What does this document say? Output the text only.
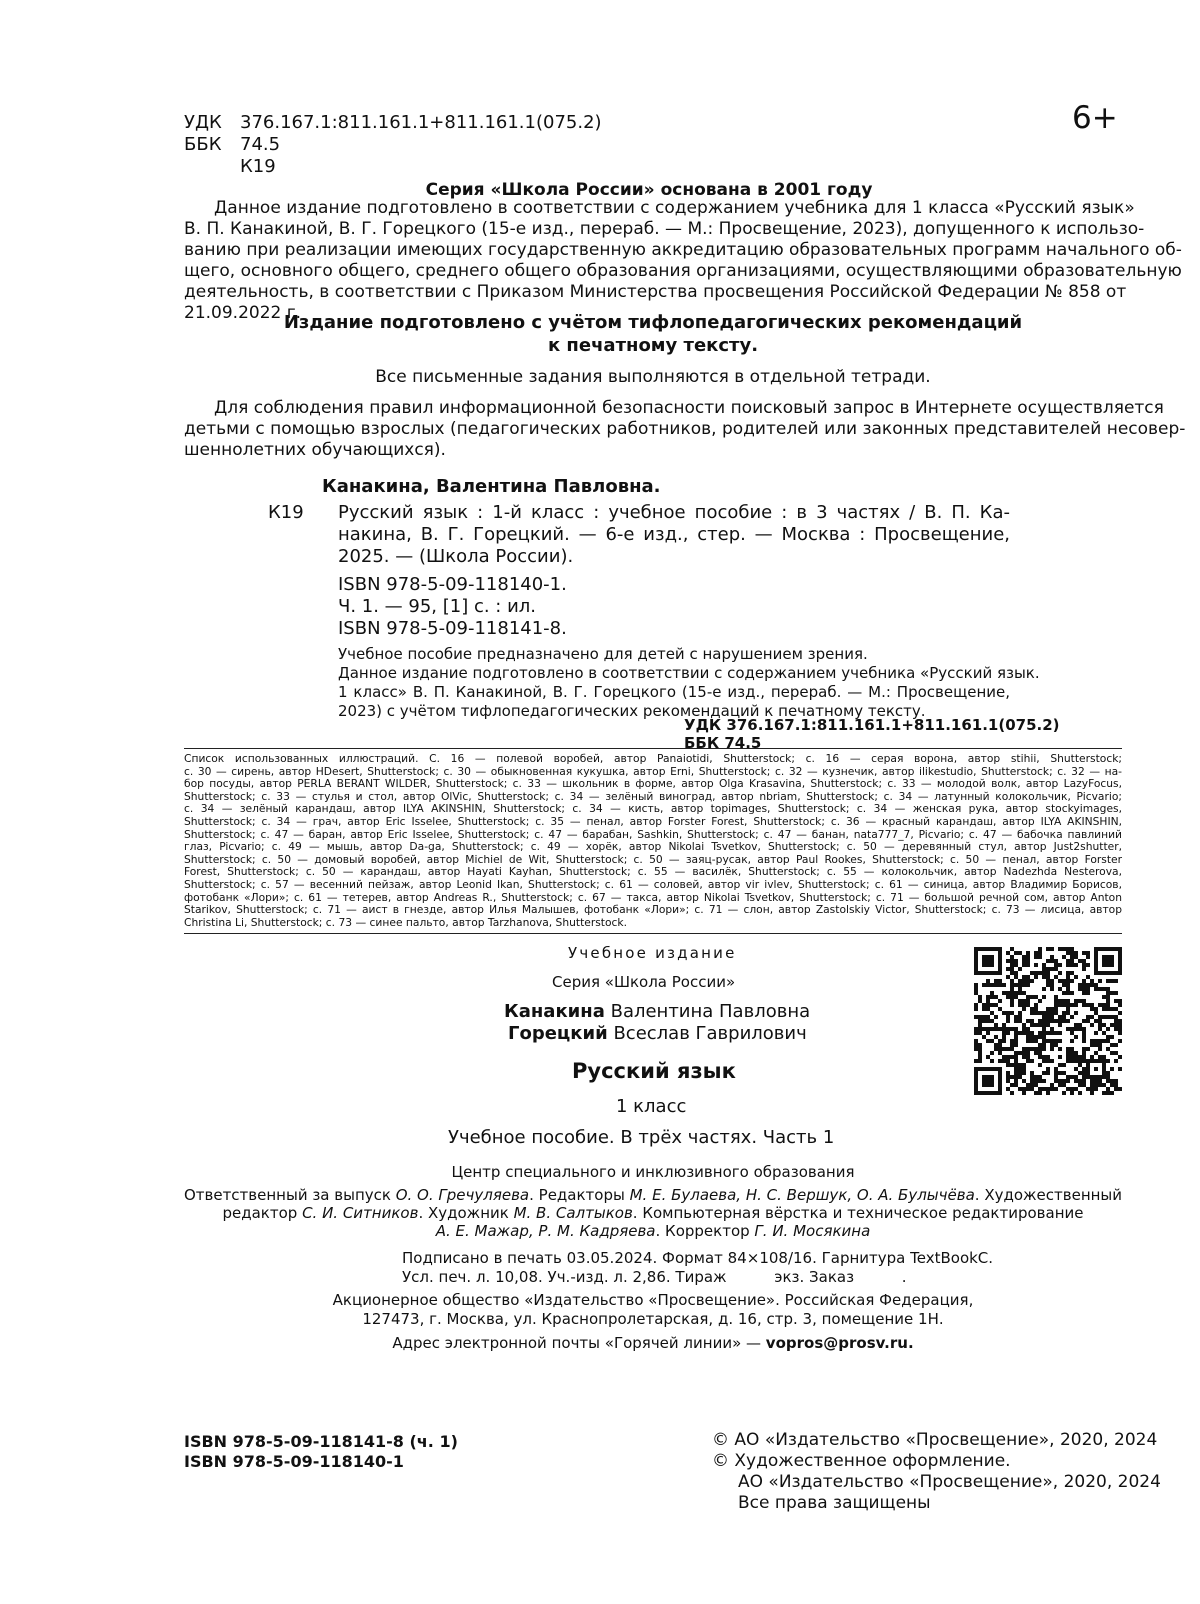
УДК 376.167.1:811.161.1+811.161.1(075.2)
ББК 74.5
К19
6+
Серия «Школа России» основана в 2001 году
Данное издание подготовлено в соответствии с содержанием учебника для 1 класса «Русский язык»
В. П. Канакиной, В. Г. Горецкого (15-е изд., перераб. — М.: Просвещение, 2023), допущенного к использо-
ванию при реализации имеющих государственную аккредитацию образовательных программ начального об-
щего, основного общего, среднего общего образования организациями, осуществляющими образовательную
деятельность, в соответствии с Приказом Министерства просвещения Российской Федерации № 858 от
21.09.2022 г.
Издание подготовлено с учётом тифлопедагогических рекомендаций
к печатному тексту.
Все письменные задания выполняются в отдельной тетради.
Для соблюдения правил информационной безопасности поисковый запрос в Интернете осуществляется
детьми с помощью взрослых (педагогических работников, родителей или законных представителей несовер-
шеннолетних обучающихся).
Канакина, Валентина Павловна.
К19 Русский язык : 1-й класс : учебное пособие : в 3 частях / В. П. Ка-
накина, В. Г. Горецкий. — 6-е изд., стер. — Москва : Просвещение,
2025. — (Школа России).
ISBN 978-5-09-118140-1.
Ч. 1. — 95, [1] с. : ил.
ISBN 978-5-09-118141-8.
Учебное пособие предназначено для детей с нарушением зрения.
Данное издание подготовлено в соответствии с содержанием учебника «Русский язык.
1 класс» В. П. Канакиной, В. Г. Горецкого (15-е изд., перераб. — М.: Просвещение,
2023) с учётом тифлопедагогических рекомендаций к печатному тексту.
УДК 376.167.1:811.161.1+811.161.1(075.2)
ББК 74.5
Список использованных иллюстраций. С. 16 — полевой воробей, автор Panaiotidi, Shutterstock; с. 16 — серая ворона, автор stihii, Shutterstock;
с. 30 — сирень, автор HDesert, Shutterstock; с. 30 — обыкновенная кукушка, автор Erni, Shutterstock; с. 32 — кузнечик, автор ilikestudio, Shutterstock; с. 32 — на-
бор посуды, автор PERLA BERANT WILDER, Shutterstock; с. 33 — школьник в форме, автор Olga Krasavina, Shutterstock; с. 33 — молодой волк, автор LazyFocus,
Shutterstock; с. 33 — стулья и стол, автор OlVic, Shutterstock; с. 34 — зелёный виноград, автор nbriam, Shutterstock; с. 34 — латунный колокольчик, Picvario;
с. 34 — зелёный карандаш, автор ILYA AKINSHIN, Shutterstock; с. 34 — кисть, автор topimages, Shutterstock; с. 34 — женская рука, автор stockyimages,
Shutterstock; с. 34 — грач, автор Eric Isselee, Shutterstock; с. 35 — пенал, автор Forster Forest, Shutterstock; с. 36 — красный карандаш, автор ILYA AKINSHIN,
Shutterstock; с. 47 — баран, автор Eric Isselee, Shutterstock; с. 47 — барабан, Sashkin, Shutterstock; с. 47 — банан, nata777_7, Picvario; с. 47 — бабочка павлиний
глаз, Picvario; с. 49 — мышь, автор Da-ga, Shutterstock; с. 49 — хорёк, автор Nikolai Tsvetkov, Shutterstock; с. 50 — деревянный стул, автор Just2shutter,
Shutterstock; с. 50 — домовый воробей, автор Michiel de Wit, Shutterstock; с. 50 — заяц-русак, автор Paul Rookes, Shutterstock; с. 50 — пенал, автор Forster
Forest, Shutterstock; с. 50 — карандаш, автор Hayati Kayhan, Shutterstock; с. 55 — василёк, Shutterstock; с. 55 — колокольчик, автор Nadezhda Nesterova,
Shutterstock; с. 57 — весенний пейзаж, автор Leonid Ikan, Shutterstock; с. 61 — соловей, автор vir ivlev, Shutterstock; с. 61 — синица, автор Владимир Борисов,
фотобанк «Лори»; с. 61 — тетерев, автор Andreas R., Shutterstock; с. 67 — такса, автор Nikolai Tsvetkov, Shutterstock; с. 71 — большой речной сом, автор Anton
Starikov, Shutterstock; с. 71 — аист в гнезде, автор Илья Малышев, фотобанк «Лори»; с. 71 — слон, автор Zastolskiy Victor, Shutterstock; с. 73 — лисица, автор
Christina Li, Shutterstock; с. 73 — синее пальто, автор Tarzhanova, Shutterstock.
Учебное издание
Серия «Школа России»
Канакина Валентина Павловна
Горецкий Всеслав Гаврилович
Русский язык
1 класс
Учебное пособие. В трёх частях. Часть 1
Центр специального и инклюзивного образования
Ответственный за выпуск О. О. Гречуляева. Редакторы М. Е. Булаева, Н. С. Вершук, О. А. Булычёва. Художественный
редактор С. И. Ситников. Художник М. В. Салтыков. Компьютерная вёрстка и техническое редактирование
А. Е. Мажар, Р. М. Кадряева. Корректор Г. И. Мосякина
Подписано в печать 03.05.2024. Формат 84×108/16. Гарнитура TextBookC.
Усл. печ. л. 10,08. Уч.-изд. л. 2,86. Тираж          экз. Заказ          .
Акционерное общество «Издательство «Просвещение». Российская Федерация,
127473, г. Москва, ул. Краснопролетарская, д. 16, стр. 3, помещение 1Н.
Адрес электронной почты «Горячей линии» — vopros@prosv.ru.
ISBN 978-5-09-118141-8 (ч. 1)
ISBN 978-5-09-118140-1
© АО «Издательство «Просвещение», 2020, 2024
© Художественное оформление.
АО «Издательство «Просвещение», 2020, 2024
Все права защищены
